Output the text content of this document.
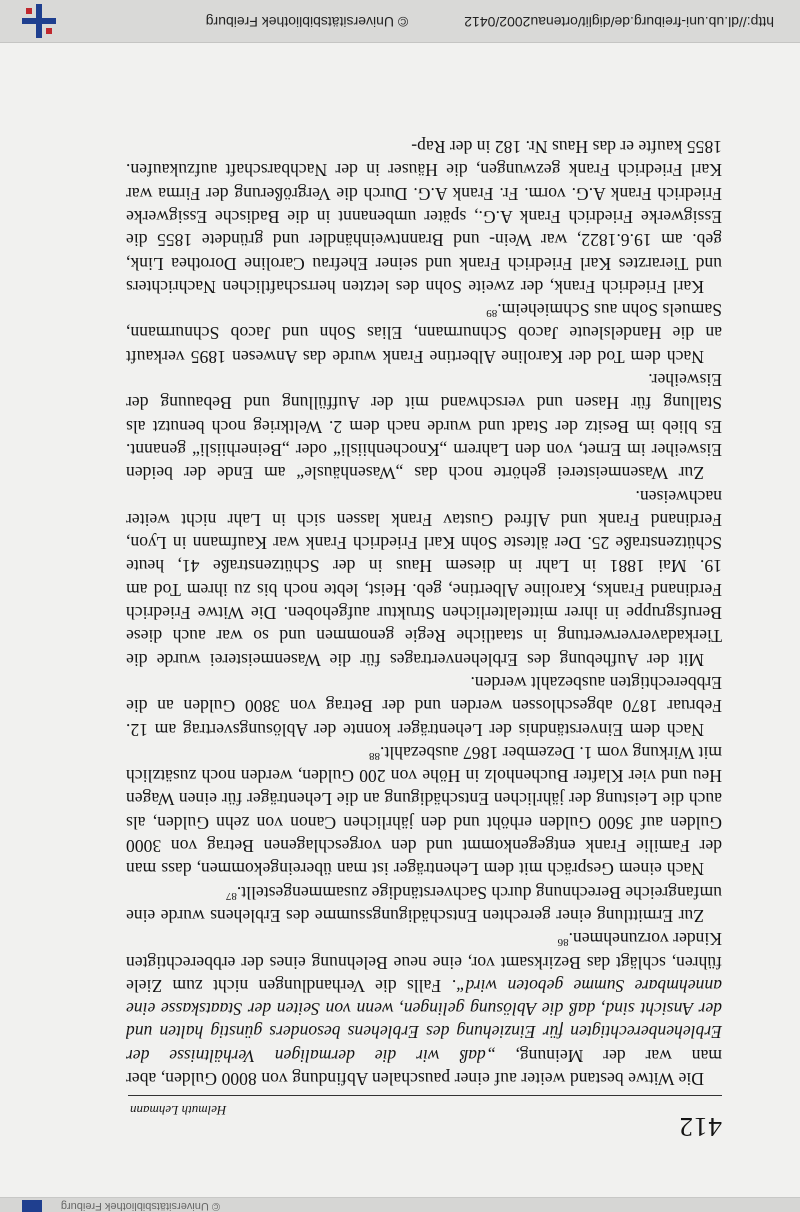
© Universitätsbibliothek Freiburg
412
Helmuth Lehmann

Die Witwe bestand weiter auf einer pauschalen Abfindung von 8000 Gulden, aber man war der Meinung, „daß wir die dermaligen Verhältnisse der Erblehenberechtigten für Einziehung des Erblehens besonders günstig halten und der Ansicht sind, daß die Ablösung gelingen, wenn von Seiten der Staatskasse eine annehmbare Summe geboten wird“. Falls die Verhandlungen nicht zum Ziele führen, schlägt das Bezirksamt vor, eine neue Belehnung eines der erbberechtigten Kinder vorzunehmen.$^{86}$

Zur Ermittlung einer gerechten Entschädigungssumme des Erblehens wurde eine umfangreiche Berechnung durch Sachverständige zusammengestellt.$^{87}$

Nach einem Gespräch mit dem Lehenträger ist man übereingekommen, dass man der Familie Frank entgegenkommt und den vorgeschlagenen Betrag von 3000 Gulden auf 3600 Gulden erhöht und den jährlichen Canon von zehn Gulden, als auch die Leistung der jährlichen Entschädigung an die Lehenträger für einen Wagen Heu und vier Klafter Buchenholz in Höhe von 200 Gulden, werden noch zusätzlich mit Wirkung vom 1. Dezember 1867 ausbezahlt.$^{88}$

Nach dem Einverständnis der Lehenträger konnte der Ablösungsvertrag am 12. Februar 1870 abgeschlossen werden und der Betrag von 3800 Gulden an die Erbberechtigten ausbezahlt werden.

Mit der Aufhebung des Erblehenvertrages für die Wasenmeisterei wurde die Tierkadaververwertung in staatliche Regie genommen und so war auch diese Berufsgruppe in ihrer mittelalterlichen Struktur aufgehoben. Die Witwe Friedrich Ferdinand Franks, Karoline Albertine, geb. Heist, lebte noch bis zu ihrem Tod am 19. Mai 1881 in Lahr in diesem Haus in der Schützenstraße 41, heute Schützenstraße 25. Der älteste Sohn Karl Friedrich Frank war Kaufmann in Lyon, Ferdinand Frank und Alfred Gustav Frank lassen sich in Lahr nicht weiter nachweisen.

Zur Wasenmeisterei gehörte noch das „Wasenhäusle“ am Ende der beiden Eisweiher im Ernet, von den Lahrern „Knochenhiisli“ oder „Beinerhiisli“ genannt. Es blieb im Besitz der Stadt und wurde nach dem 2. Weltkrieg noch benutzt als Stallung für Hasen und verschwand mit der Auffüllung und Bebauung der Eisweiher.

Nach dem Tod der Karoline Albertine Frank wurde das Anwesen 1895 verkauft an die Handelsleute Jacob Schnurmann, Elias Sohn und Jacob Schnurmann, Samuels Sohn aus Schmieheim.$^{89}$

Karl Friedrich Frank, der zweite Sohn des letzten herrschaftlichen Nachrichters und Tierarztes Karl Friedrich Frank und seiner Ehefrau Caroline Dorothea Link, geb. am 19.6.1822, war Wein- und Branntweinhändler und gründete 1855 die Essigwerke Friedrich Frank A.G., später umbenannt in die Badische Essigwerke Friedrich Frank A.G. vorm. Fr. Frank A.G. Durch die Vergrößerung der Firma war Karl Friedrich Frank gezwungen, die Häuser in der Nachbarschaft aufzukaufen. 1855 kaufte er das Haus Nr. 182 in der Rap-

http://dl.ub.uni-freiburg.de/diglit/ortenau2002/0412© Universitätsbibliothek Freiburg
